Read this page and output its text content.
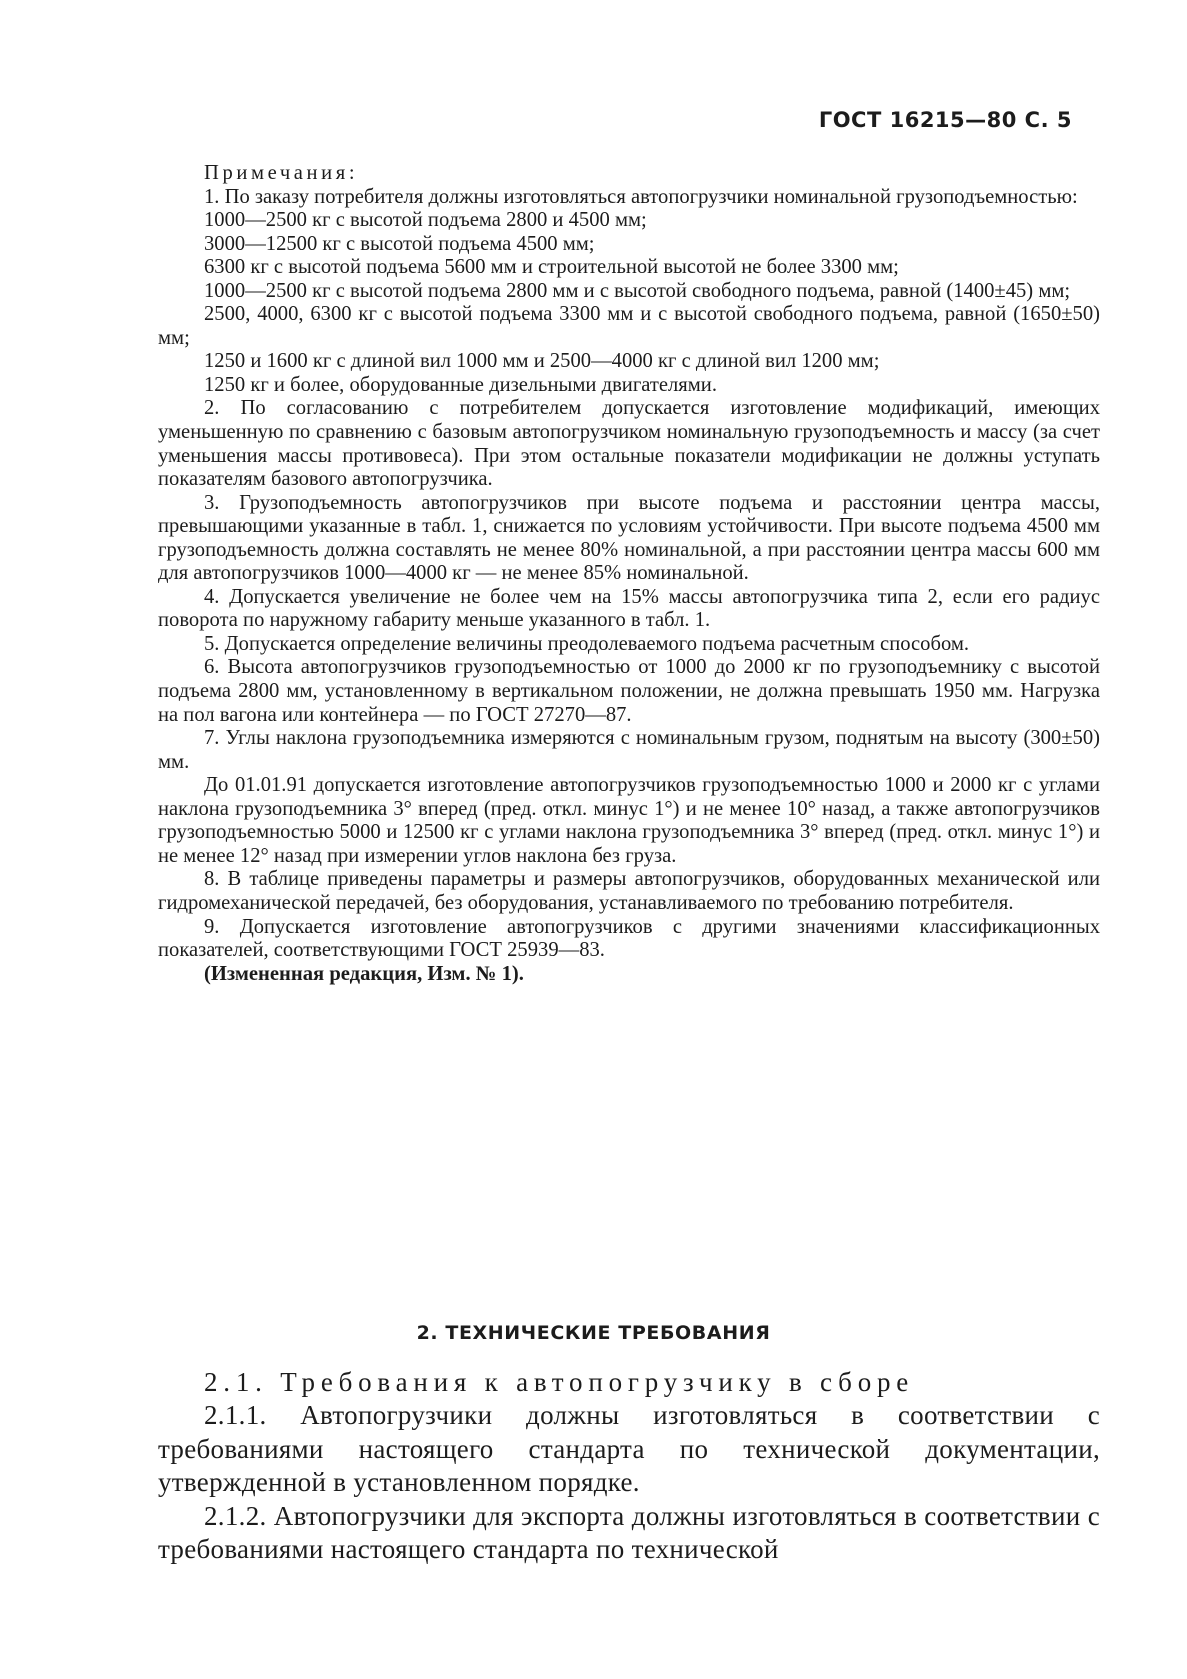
ГОСТ 16215—80 С. 5

Примечания:

1. По заказу потребителя должны изготовляться автопогрузчики номинальной грузоподъемностью:

1000—2500 кг с высотой подъема 2800 и 4500 мм;

3000—12500 кг с высотой подъема 4500 мм;

6300 кг с высотой подъема 5600 мм и строительной высотой не более 3300 мм;

1000—2500 кг с высотой подъема 2800 мм и с высотой свободного подъема, равной (1400±45) мм;

2500, 4000, 6300 кг с высотой подъема 3300 мм и с высотой свободного подъема, равной (1650±50) мм;

1250 и 1600 кг с длиной вил 1000 мм и 2500—4000 кг с длиной вил 1200 мм;

1250 кг и более, оборудованные дизельными двигателями.

2. По согласованию с потребителем допускается изготовление модификаций, имеющих уменьшенную по сравнению с базовым автопогрузчиком номинальную грузоподъемность и массу (за счет уменьшения массы противовеса). При этом остальные показатели модификации не должны уступать показателям базового автопогрузчика.

3. Грузоподъемность автопогрузчиков при высоте подъема и расстоянии центра массы, превышающими указанные в табл. 1, снижается по условиям устойчивости. При высоте подъема 4500 мм грузоподъемность должна составлять не менее 80% номинальной, а при расстоянии центра массы 600 мм для автопогрузчиков 1000—4000 кг — не менее 85% номинальной.

4. Допускается увеличение не более чем на 15% массы автопогрузчика типа 2, если его радиус поворота по наружному габариту меньше указанного в табл. 1.

5. Допускается определение величины преодолеваемого подъема расчетным способом.

6. Высота автопогрузчиков грузоподъемностью от 1000 до 2000 кг по грузоподъемнику с высотой подъема 2800 мм, установленному в вертикальном положении, не должна превышать 1950 мм. Нагрузка на пол вагона или контейнера — по ГОСТ 27270—87.

7. Углы наклона грузоподъемника измеряются с номинальным грузом, поднятым на высоту (300±50) мм.

До 01.01.91 допускается изготовление автопогрузчиков грузоподъемностью 1000 и 2000 кг с углами наклона грузоподъемника 3° вперед (пред. откл. минус 1°) и не менее 10° назад, а также автопогрузчиков грузоподъемностью 5000 и 12500 кг с углами наклона грузоподъемника 3° вперед (пред. откл. минус 1°) и не менее 12° назад при измерении углов наклона без груза.

8. В таблице приведены параметры и размеры автопогрузчиков, оборудованных механической или гидромеханической передачей, без оборудования, устанавливаемого по требованию потребителя.

9. Допускается изготовление автопогрузчиков с другими значениями классификационных показателей, соответствующими ГОСТ 25939—83.

(Измененная редакция, Изм. № 1).

2. ТЕХНИЧЕСКИЕ ТРЕБОВАНИЯ

2.1. Требования к автопогрузчику в сборе

2.1.1. Автопогрузчики должны изготовляться в соответствии с требованиями настоящего стандарта по технической документации, утвержденной в установленном порядке.

2.1.2. Автопогрузчики для экспорта должны изготовляться в соответствии с требованиями настоящего стандарта по технической
